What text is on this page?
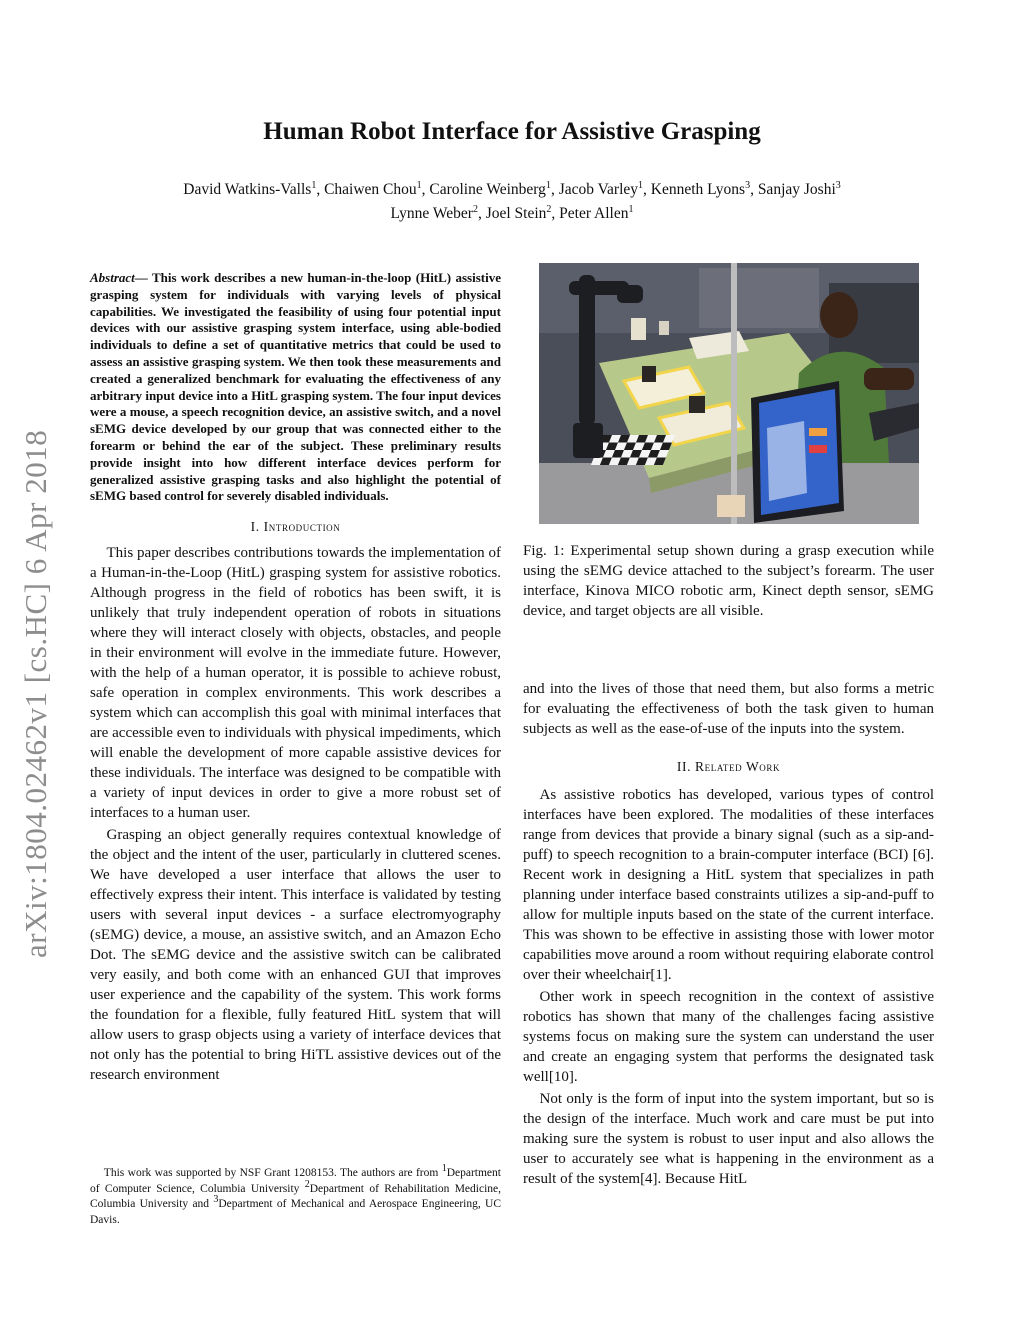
arXiv:1804.02462v1 [cs.HC] 6 Apr 2018
Human Robot Interface for Assistive Grasping

David Watkins-Valls$^1$, Chaiwen Chou$^1$, Caroline Weinberg$^1$, Jacob Varley$^1$, Kenneth Lyons$^3$, Sanjay Joshi$^3$

Lynne Weber$^2$, Joel Stein$^2$, Peter Allen$^1$

Abstract— This work describes a new human-in-the-loop (HitL) assistive grasping system for individuals with varying levels of physical capabilities. We investigated the feasibility of using four potential input devices with our assistive grasping system interface, using able-bodied individuals to define a set of quantitative metrics that could be used to assess an assistive grasping system. We then took these measurements and created a generalized benchmark for evaluating the effectiveness of any arbitrary input device into a HitL grasping system. The four input devices were a mouse, a speech recognition device, an assistive switch, and a novel sEMG device developed by our group that was connected either to the forearm or behind the ear of the subject. These preliminary results provide insight into how different interface devices perform for generalized assistive grasping tasks and also highlight the potential of sEMG based control for severely disabled individuals.

I. Introduction

This paper describes contributions towards the implementation of a Human-in-the-Loop (HitL) grasping system for assistive robotics. Although progress in the field of robotics has been swift, it is unlikely that truly independent operation of robots in situations where they will interact closely with objects, obstacles, and people in their environment will evolve in the immediate future. However, with the help of a human operator, it is possible to achieve robust, safe operation in complex environments. This work describes a system which can accomplish this goal with minimal interfaces that are accessible even to individuals with physical impediments, which will enable the development of more capable assistive devices for these individuals. The interface was designed to be compatible with a variety of input devices in order to give a more robust set of interfaces to a human user.

Grasping an object generally requires contextual knowledge of the object and the intent of the user, particularly in cluttered scenes. We have developed a user interface that allows the user to effectively express their intent. This interface is validated by testing users with several input devices - a surface electromyography (sEMG) device, a mouse, an assistive switch, and an Amazon Echo Dot. The sEMG device and the assistive switch can be calibrated very easily, and both come with an enhanced GUI that improves user experience and the capability of the system. This work forms the foundation for a flexible, fully featured HitL system that will allow users to grasp objects using a variety of interface devices that not only has the potential to bring HiTL assistive devices out of the research environment

This work was supported by NSF Grant 1208153. The authors are from $^1$Department of Computer Science, Columbia University $^2$Department of Rehabilitation Medicine, Columbia University and $^3$Department of Mechanical and Aerospace Engineering, UC Davis.

Fig. 1: Experimental setup shown during a grasp execution while using the sEMG device attached to the subject’s forearm. The user interface, Kinova MICO robotic arm, Kinect depth sensor, sEMG device, and target objects are all visible.

and into the lives of those that need them, but also forms a metric for evaluating the effectiveness of both the task given to human subjects as well as the ease-of-use of the inputs into the system.

II. Related Work

As assistive robotics has developed, various types of control interfaces have been explored. The modalities of these interfaces range from devices that provide a binary signal (such as a sip-and-puff) to speech recognition to a brain-computer interface (BCI) [6]. Recent work in designing a HitL system that specializes in path planning under interface based constraints utilizes a sip-and-puff to allow for multiple inputs based on the state of the current interface. This was shown to be effective in assisting those with lower motor capabilities move around a room without requiring elaborate control over their wheelchair[1].

Other work in speech recognition in the context of assistive robotics has shown that many of the challenges facing assistive systems focus on making sure the system can understand the user and create an engaging system that performs the designated task well[10].

Not only is the form of input into the system important, but so is the design of the interface. Much work and care must be put into making sure the system is robust to user input and also allows the user to accurately see what is happening in the environment as a result of the system[4]. Because HitL
